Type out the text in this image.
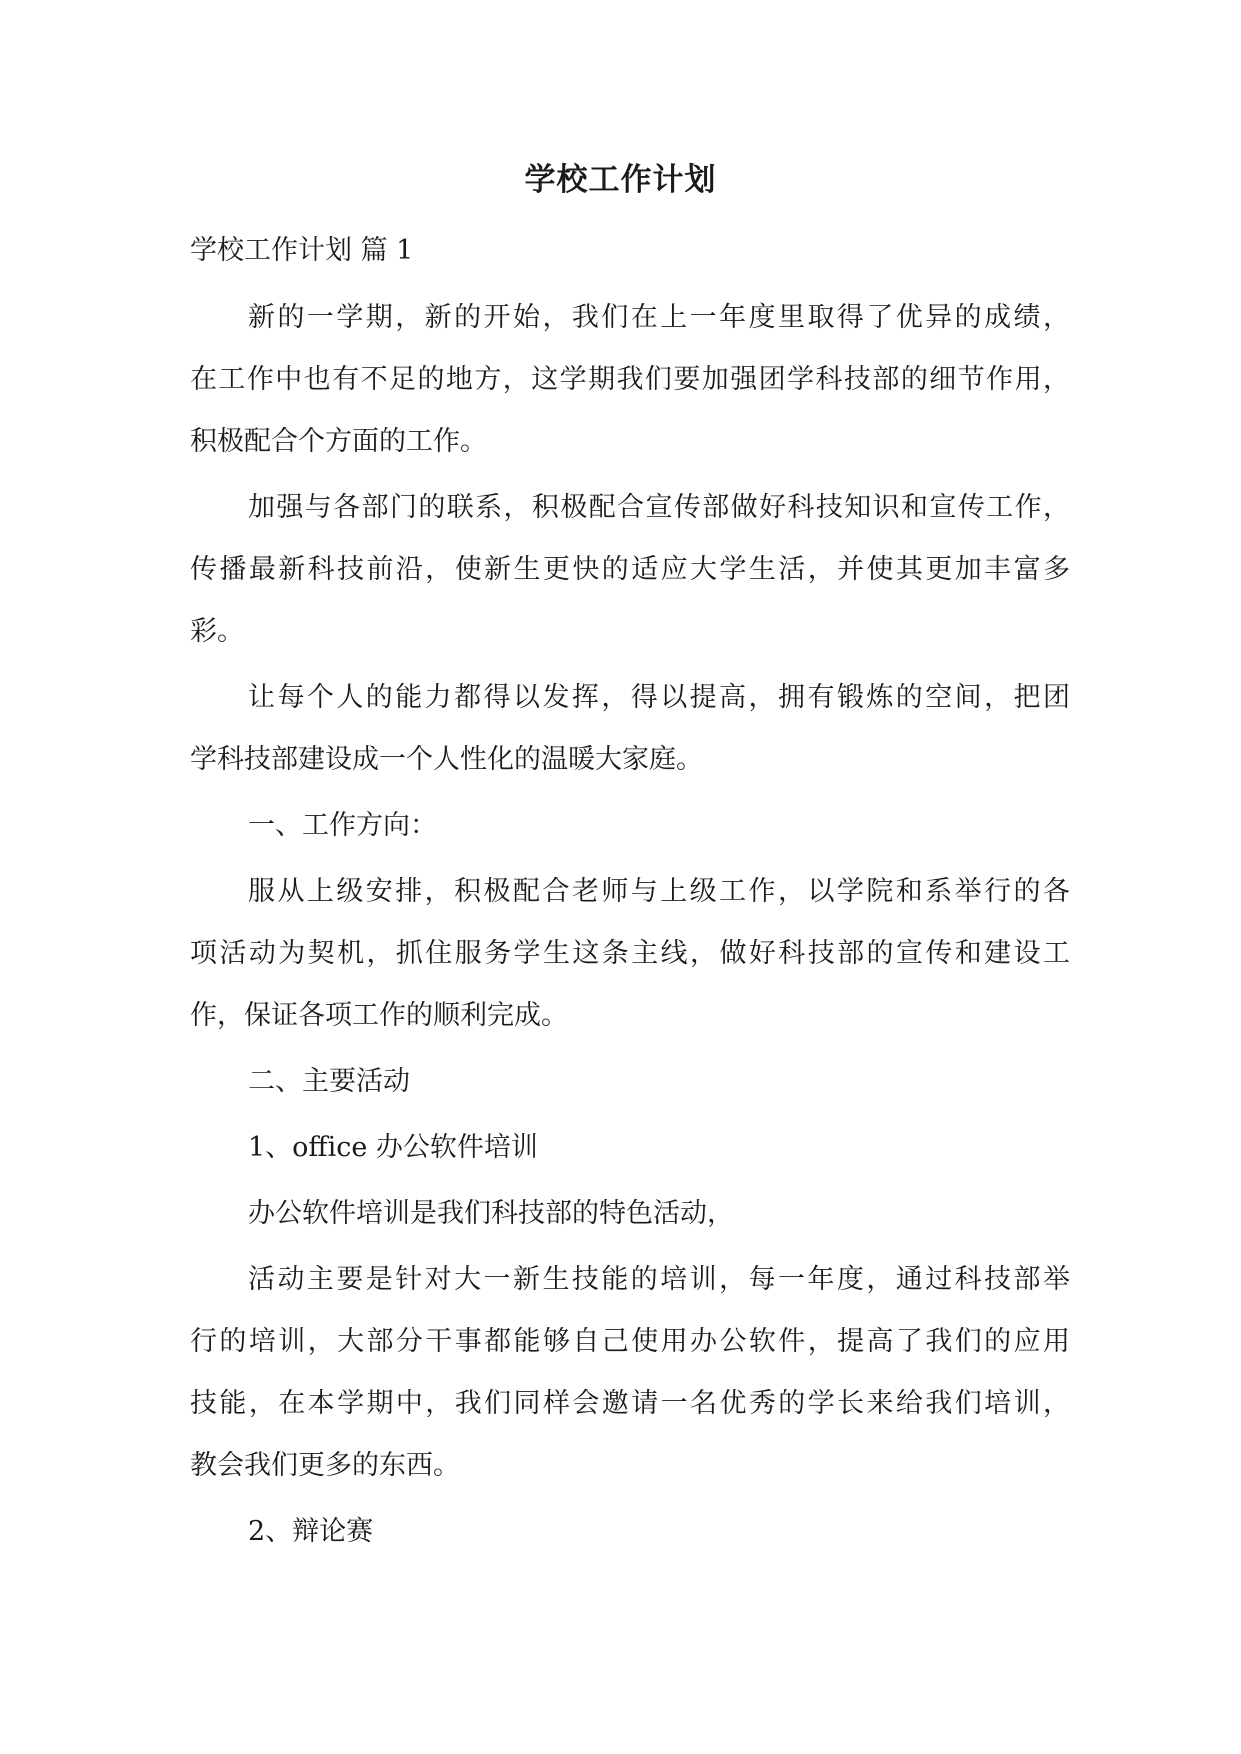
学校工作计划
学校工作计划 篇 1
新的一学期，新的开始，我们在上一年度里取得了优异的成绩，
在工作中也有不足的地方，这学期我们要加强团学科技部的细节作用，
积极配合个方面的工作。
加强与各部门的联系，积极配合宣传部做好科技知识和宣传工作，
传播最新科技前沿，使新生更快的适应大学生活，并使其更加丰富多
彩。
让每个人的能力都得以发挥，得以提高，拥有锻炼的空间，把团
学科技部建设成一个人性化的温暖大家庭。
一、工作方向：
服从上级安排，积极配合老师与上级工作，以学院和系举行的各
项活动为契机，抓住服务学生这条主线，做好科技部的宣传和建设工
作，保证各项工作的顺利完成。
二、主要活动
1、office 办公软件培训
办公软件培训是我们科技部的特色活动，
活动主要是针对大一新生技能的培训，每一年度，通过科技部举
行的培训，大部分干事都能够自己使用办公软件，提高了我们的应用
技能，在本学期中，我们同样会邀请一名优秀的学长来给我们培训，
教会我们更多的东西。
2、辩论赛
